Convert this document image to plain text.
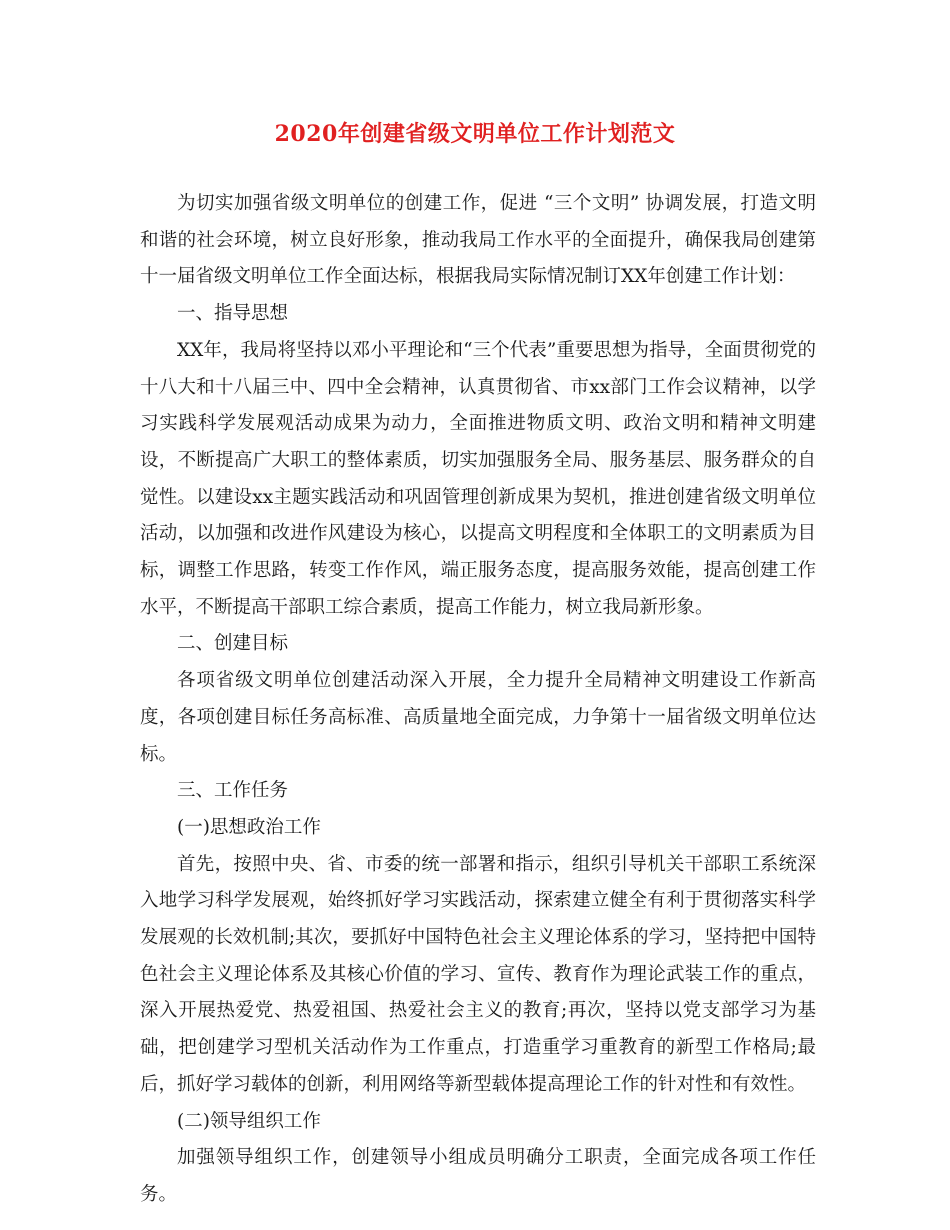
2020年创建省级文明单位工作计划范文

为切实加强省级文明单位的创建工作，促进 “三个文明” 协调发展，打造文明和谐的社会环境，树立良好形象，推动我局工作水平的全面提升，确保我局创建第十一届省级文明单位工作全面达标，根据我局实际情况制订XX年创建工作计划：

一、指导思想

XX年，我局将坚持以邓小平理论和“三个代表”重要思想为指导，全面贯彻党的十八大和十八届三中、四中全会精神，认真贯彻省、市xx部门工作会议精神，以学习实践科学发展观活动成果为动力，全面推进物质文明、政治文明和精神文明建设，不断提高广大职工的整体素质，切实加强服务全局、服务基层、服务群众的自觉性。以建设xx主题实践活动和巩固管理创新成果为契机，推进创建省级文明单位活动，以加强和改进作风建设为核心，以提高文明程度和全体职工的文明素质为目标，调整工作思路，转变工作作风，端正服务态度，提高服务效能，提高创建工作水平，不断提高干部职工综合素质，提高工作能力，树立我局新形象。

二、创建目标

各项省级文明单位创建活动深入开展，全力提升全局精神文明建设工作新高度，各项创建目标任务高标准、高质量地全面完成，力争第十一届省级文明单位达标。

三、工作任务

(一)思想政治工作

首先，按照中央、省、市委的统一部署和指示，组织引导机关干部职工系统深入地学习科学发展观，始终抓好学习实践活动，探索建立健全有利于贯彻落实科学发展观的长效机制;其次，要抓好中国特色社会主义理论体系的学习，坚持把中国特色社会主义理论体系及其核心价值的学习、宣传、教育作为理论武装工作的重点，深入开展热爱党、热爱祖国、热爱社会主义的教育;再次，坚持以党支部学习为基础，把创建学习型机关活动作为工作重点，打造重学习重教育的新型工作格局;最后，抓好学习载体的创新，利用网络等新型载体提高理论工作的针对性和有效性。

(二)领导组织工作

加强领导组织工作，创建领导小组成员明确分工职责，全面完成各项工作任务。
